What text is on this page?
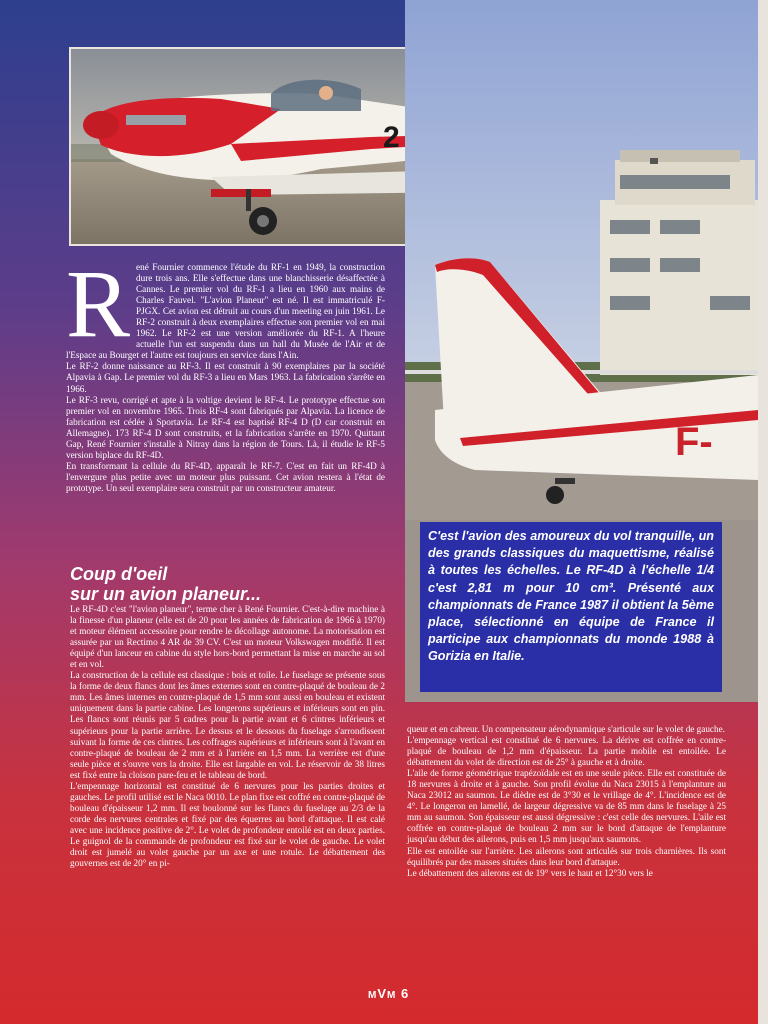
2
F-
R ené Fournier commence l'étude du RF-1 en 1949, la construction dure trois ans. Elle s'effectue dans une blanchisserie désaffectée à Cannes. Le premier vol du RF-1 a lieu en 1960 aux mains de Charles Fauvel. "L'avion Planeur" est né. Il est immatriculé F-PJGX. Cet avion est détruit au cours d'un meeting en juin 1961. Le RF-2 construit à deux exemplaires effectue son premier vol en mai 1962. Le RF-2 est une version améliorée du RF-1. A l'heure actuelle l'un est suspendu dans un hall du Musée de l'Air et de l'Espace au Bourget et l'autre est toujours en service dans l'Ain.

Le RF-2 donne naissance au RF-3. Il est construit à 90 exemplaires par la société Alpavia à Gap. Le premier vol du RF-3 a lieu en Mars 1963. La fabrication s'arrête en 1966.

Le RF-3 revu, corrigé et apte à la voltige devient le RF-4. Le prototype effectue son premier vol en novembre 1965. Trois RF-4 sont fabriqués par Alpavia. La licence de fabrication est cédée à Sportavia. Le RF-4 est baptisé RF-4 D (D car construit en Allemagne). 173 RF-4 D sont construits, et la fabrication s'arrête en 1970. Quittant Gap, René Fournier s'installe à Nitray dans la région de Tours. Là, il étudie le RF-5 version biplace du RF-4D.

En transformant la cellule du RF-4D, apparaît le RF-7. C'est en fait un RF-4D à l'envergure plus petite avec un moteur plus puissant. Cet avion restera à l'état de prototype. Un seul exemplaire sera construit par un constructeur amateur.

Coup d'oeil
sur un avion planeur...

Le RF-4D c'est "l'avion planeur", terme cher à René Fournier. C'est-à-dire machine à la finesse d'un planeur (elle est de 20 pour les années de fabrication de 1966 à 1970) et moteur élément accessoire pour rendre le décollage autonome. La motorisation est assurée par un Rectimo 4 AR de 39 CV. C'est un moteur Volkswagen modifié. Il est équipé d'un lanceur en cabine du style hors-bord permettant la mise en marche au sol et en vol.

La construction de la cellule est classique : bois et toile. Le fuselage se présente sous la forme de deux flancs dont les âmes externes sont en contre-plaqué de bouleau de 2 mm. Les âmes internes en contre-plaqué de 1,5 mm sont aussi en bouleau et existent uniquement dans la partie cabine. Les longerons supérieurs et inférieurs sont en pin. Les flancs sont réunis par 5 cadres pour la partie avant et 6 cintres inférieurs et supérieurs pour la partie arrière. Le dessus et le dessous du fuselage s'arrondissent suivant la forme de ces cintres. Les coffrages supérieurs et inférieurs sont à l'avant en contre-plaqué de bouleau de 2 mm et à l'arrière en 1,5 mm. La verrière est d'une seule pièce et s'ouvre vers la droite. Elle est largable en vol. Le réservoir de 38 litres est fixé entre la cloison pare-feu et le tableau de bord.

L'empennage horizontal est constitué de 6 nervures pour les parties droites et gauches. Le profil utilisé est le Naca 0010. Le plan fixe est coffré en contre-plaqué de bouleau d'épaisseur 1,2 mm. Il est boulonné sur les flancs du fuselage au 2/3 de la corde des nervures centrales et fixé par des équerres au bord d'attaque. Il est calé avec une incidence positive de 2°. Le volet de profondeur entoilé est en deux parties. Le guignol de la commande de profondeur est fixé sur le volet de gauche. Le volet droit est jumelé au volet gauche par un axe et une rotule. Le débattement des gouvernes est de 20° en pi-

queur et en cabreur. Un compensateur aérodynamique s'articule sur le volet de gauche.

L'empennage vertical est constitué de 6 nervures. La dérive est coffrée en contre-plaqué de bouleau de 1,2 mm d'épaisseur. La partie mobile est entoilée. Le débattement du volet de direction est de 25° à gauche et à droite.

L'aile de forme géométrique trapézoïdale est en une seule pièce. Elle est constituée de 18 nervures à droite et à gauche. Son profil évolue du Naca 23015 à l'emplanture au Naca 23012 au saumon. Le dièdre est de 3°30 et le vrillage de 4°. L'incidence est de 4°. Le longeron en lamellé, de largeur dégressive va de 85 mm dans le fuselage à 25 mm au saumon. Son épaisseur est aussi dégressive : c'est celle des nervures. L'aile est coffrée en contre-plaqué de bouleau 2 mm sur le bord d'attaque de l'emplanture jusqu'au début des ailerons, puis en 1,5 mm jusqu'aux saumons.

Elle est entoilée sur l'arrière. Les ailerons sont articulés sur trois charnières. Ils sont équilibrés par des masses situées dans leur bord d'attaque.

Le débattement des ailerons est de 19° vers le haut et 12°30 vers le

C'est l'avion des amoureux du vol tranquille, un des grands classiques du maquettisme, réalisé à toutes les échelles. Le RF-4D à l'échelle 1/4 c'est 2,81 m pour 10 cm³. Présenté aux championnats de France 1987 il obtient la 5ème place, sélectionné en équipe de France il participe aux championnats du monde 1988 à Gorizia en Italie.
MVM 6
